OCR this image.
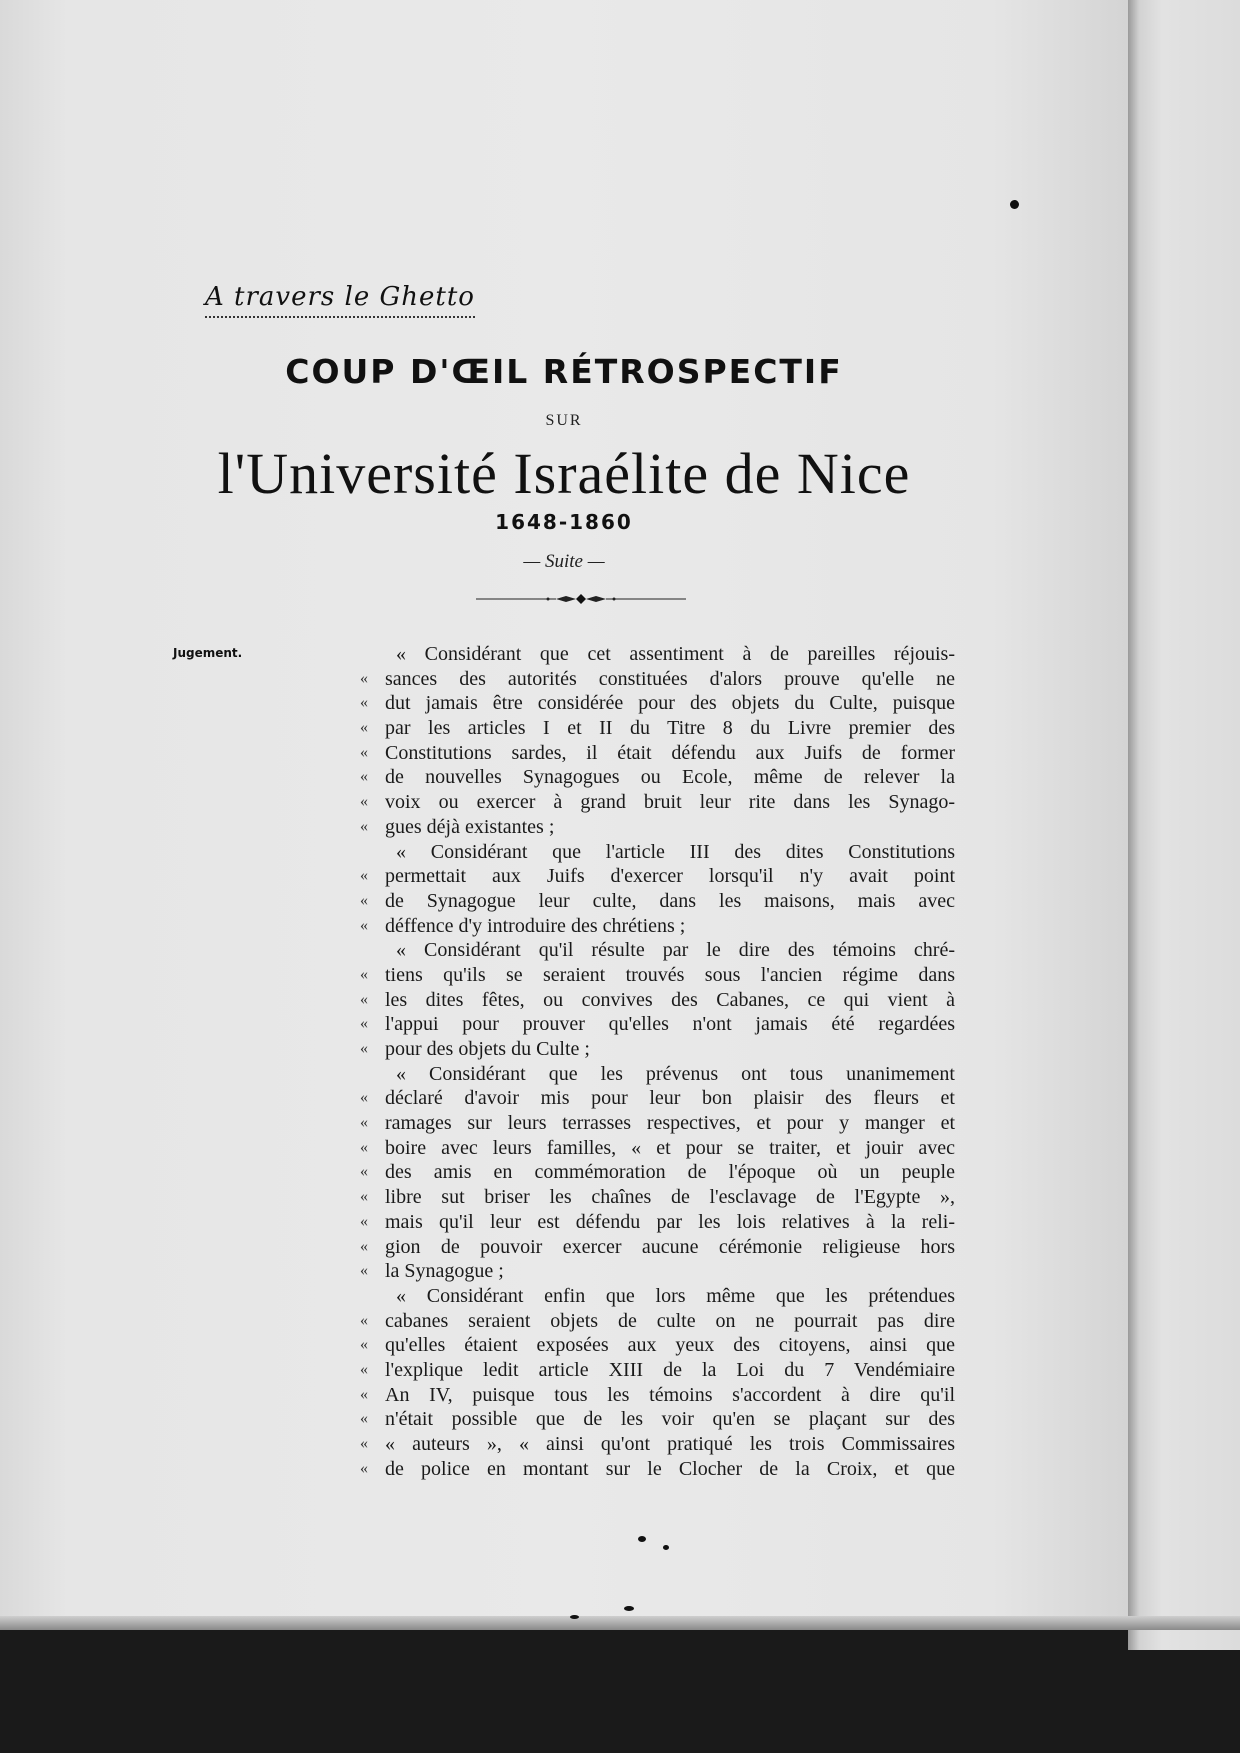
A travers le Ghetto
COUP D'ŒIL RÉTROSPECTIF
SUR
l'Université Israélite de Nice
1648-1860
— Suite —
Jugement.	« Considérant que cet assentiment à de pareilles réjouis-
« sances des autorités constituées d'alors prouve qu'elle ne
« dut jamais être considérée pour des objets du Culte, puisque
« par les articles I et II du Titre 8 du Livre premier des
« Constitutions sardes, il était défendu aux Juifs de former
« de nouvelles Synagogues ou Ecole, même de relever la
« voix ou exercer à grand bruit leur rite dans les Synago-
« gues déjà existantes ;
« Considérant que l'article III des dites Constitutions
« permettait aux Juifs d'exercer lorsqu'il n'y avait point
« de Synagogue leur culte, dans les maisons, mais avec
« déffence d'y introduire des chrétiens ;
« Considérant qu'il résulte par le dire des témoins chré-
« tiens qu'ils se seraient trouvés sous l'ancien régime dans
« les dites fêtes, ou convives des Cabanes, ce qui vient à
« l'appui pour prouver qu'elles n'ont jamais été regardées
« pour des objets du Culte ;
« Considérant que les prévenus ont tous unanimement
« déclaré d'avoir mis pour leur bon plaisir des fleurs et
« ramages sur leurs terrasses respectives, et pour y manger et
« boire avec leurs familles, « et pour se traiter, et jouir avec
« des amis en commémoration de l'époque où un peuple
« libre sut briser les chaînes de l'esclavage de l'Egypte »,
« mais qu'il leur est défendu par les lois relatives à la reli-
« gion de pouvoir exercer aucune cérémonie religieuse hors
« la Synagogue ;
« Considérant enfin que lors même que les prétendues
« cabanes seraient objets de culte on ne pourrait pas dire
« qu'elles étaient exposées aux yeux des citoyens, ainsi que
« l'explique ledit article XIII de la Loi du 7 Vendémiaire
« An IV, puisque tous les témoins s'accordent à dire qu'il
« n'était possible que de les voir qu'en se plaçant sur des
« « auteurs », « ainsi qu'ont pratiqué les trois Commissaires
« de police en montant sur le Clocher de la Croix, et que
